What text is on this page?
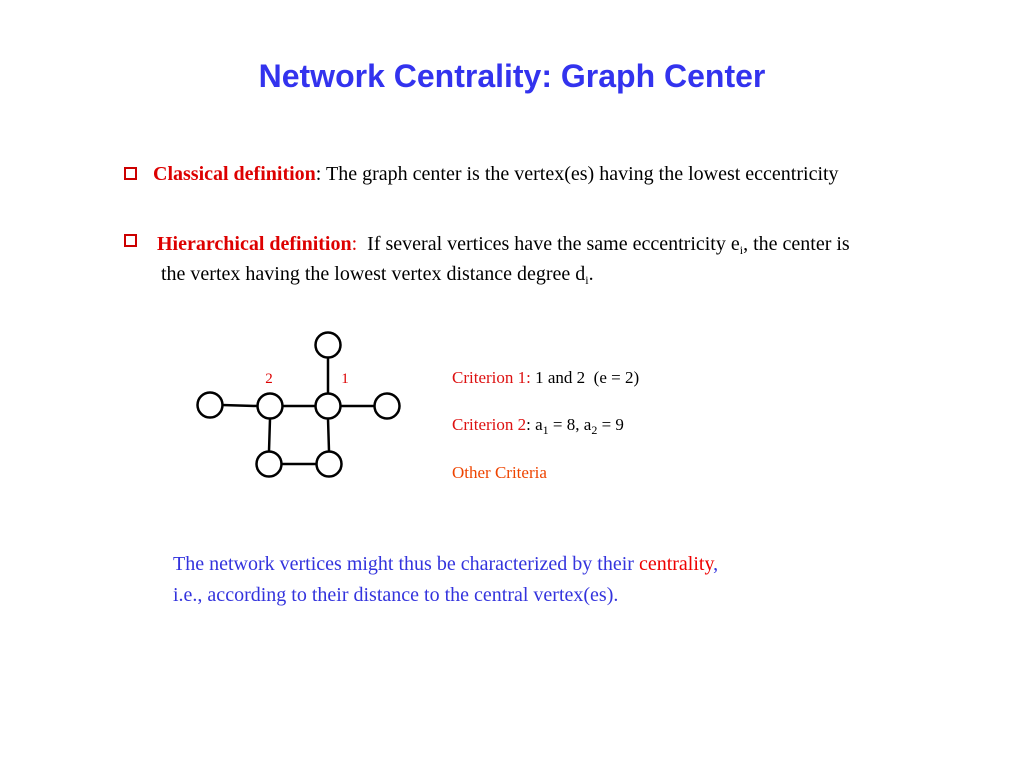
Network Centrality: Graph Center
Classical definition: The graph center is the vertex(es) having the lowest eccentricity
Hierarchical definition:  If several vertices have the same eccentricity $e_i$, the center is
the vertex having the lowest vertex distance degree $d_i$.
2	1	Criterion 1: 1 and 2  (e = 2)
Criterion 2: $a_1 = 8$, $a_2 = 9$
Other Criteria
The network vertices might thus be characterized by their centrality,
i.e., according to their distance to the central vertex(es).
